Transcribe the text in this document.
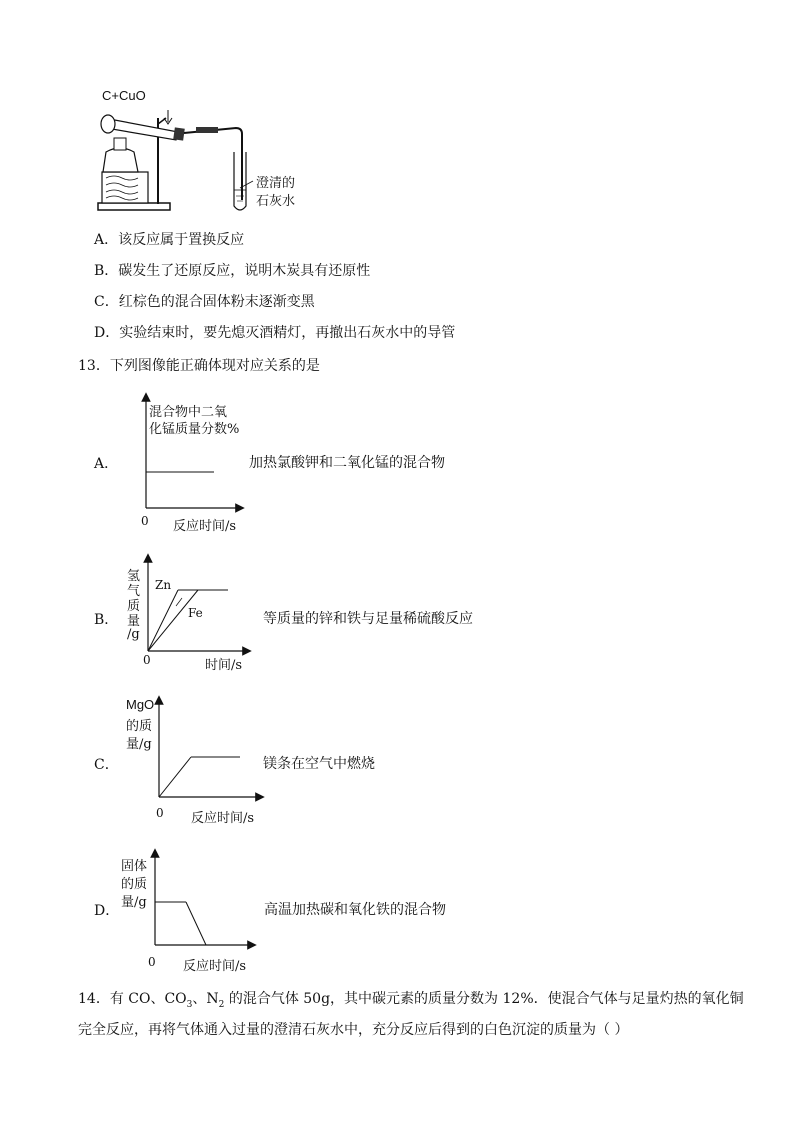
C+CuO
澄清的
石灰水
A．该反应属于置换反应
B．碳发生了还原反应，说明木炭具有还原性
C．红棕色的混合固体粉末逐渐变黑
D．实验结束时，要先熄灭酒精灯，再撤出石灰水中的导管
13．下列图像能正确体现对应关系的是
A．
混合物中二氧
化锰质量分数%
0 反应时间/s
加热氯酸钾和二氧化锰的混合物
B．
氢
气
质
量
/g
Zn
Fe
0	时间/s
等质量的锌和铁与足量稀硫酸反应
C．
MgO
的质
量/g
0 反应时间/s
镁条在空气中燃烧
D．
固体
的质
量/g
0 反应时间/s
高温加热碳和氧化铁的混合物
14．有 CO、$CO_3$、$N_2$ 的混合气体 50g，其中碳元素的质量分数为 12%．使混合气体与足量灼热的氧化铜
完全反应，再将气体通入过量的澄清石灰水中，充分反应后得到的白色沉淀的质量为（ ）
